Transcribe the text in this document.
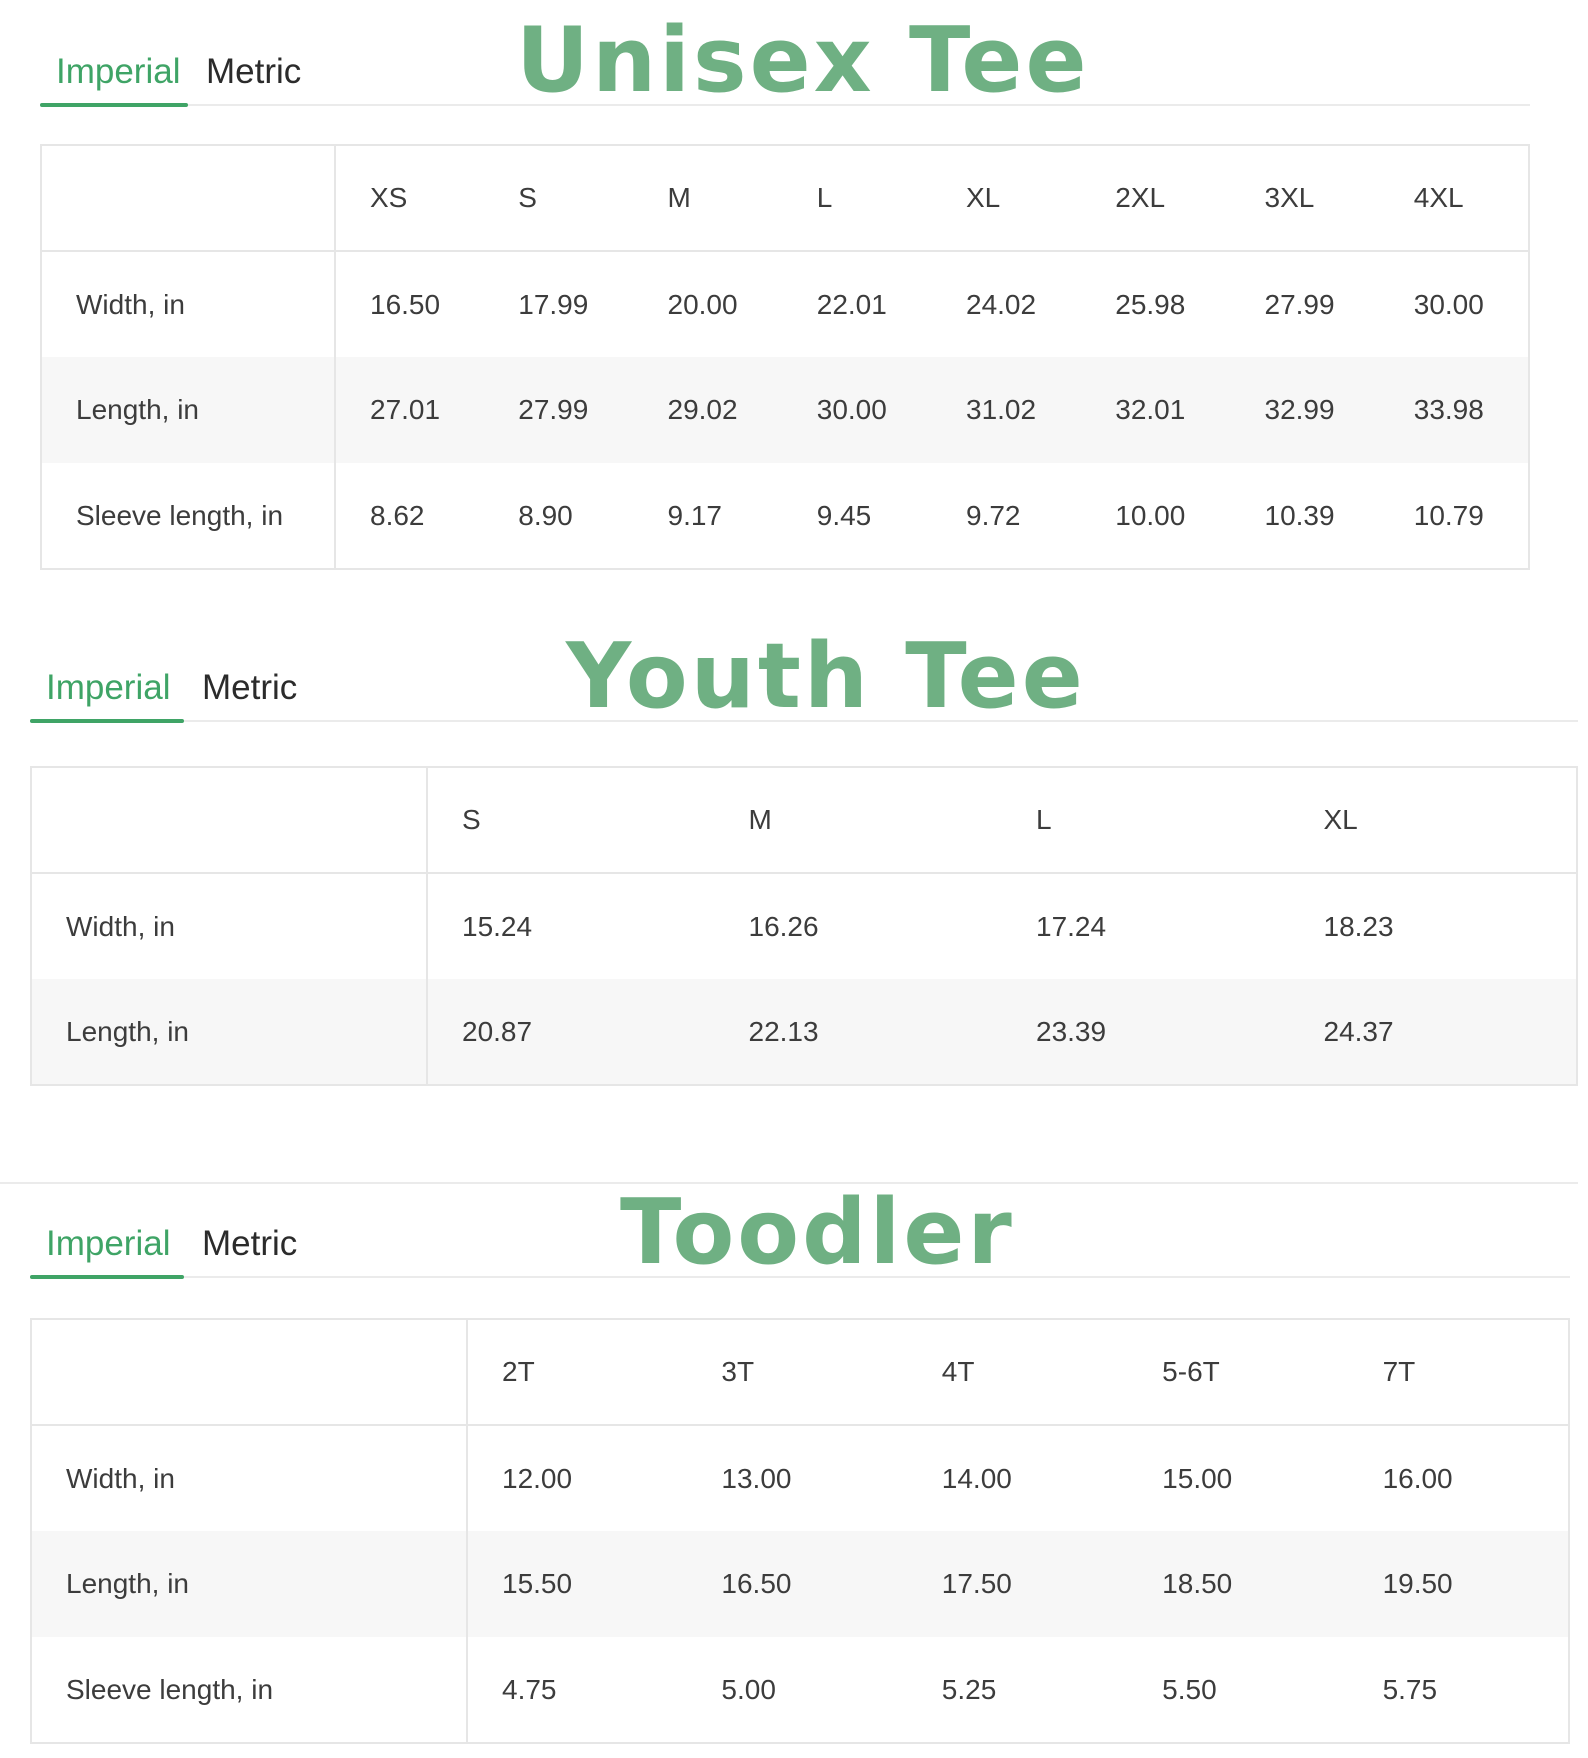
Imperial Metric Unisex Tee
	XS	S	M	L	XL	2XL	3XL	4XL
Width, in	16.50	17.99	20.00	22.01	24.02	25.98	27.99	30.00
Length, in	27.01	27.99	29.02	30.00	31.02	32.01	32.99	33.98
Sleeve length, in	8.62	8.90	9.17	9.45	9.72	10.00	10.39	10.79
Imperial Metric	Youth Tee
	S	M	L	XL
Width, in	15.24	16.26	17.24	18.23
Length, in	20.87	22.13	23.39	24.37
Imperial Metric	Toodler
	2T	3T	4T	5-6T	7T
Width, in	12.00	13.00	14.00	15.00	16.00
Length, in	15.50	16.50	17.50	18.50	19.50
Sleeve length, in	4.75	5.00	5.25	5.50	5.75
